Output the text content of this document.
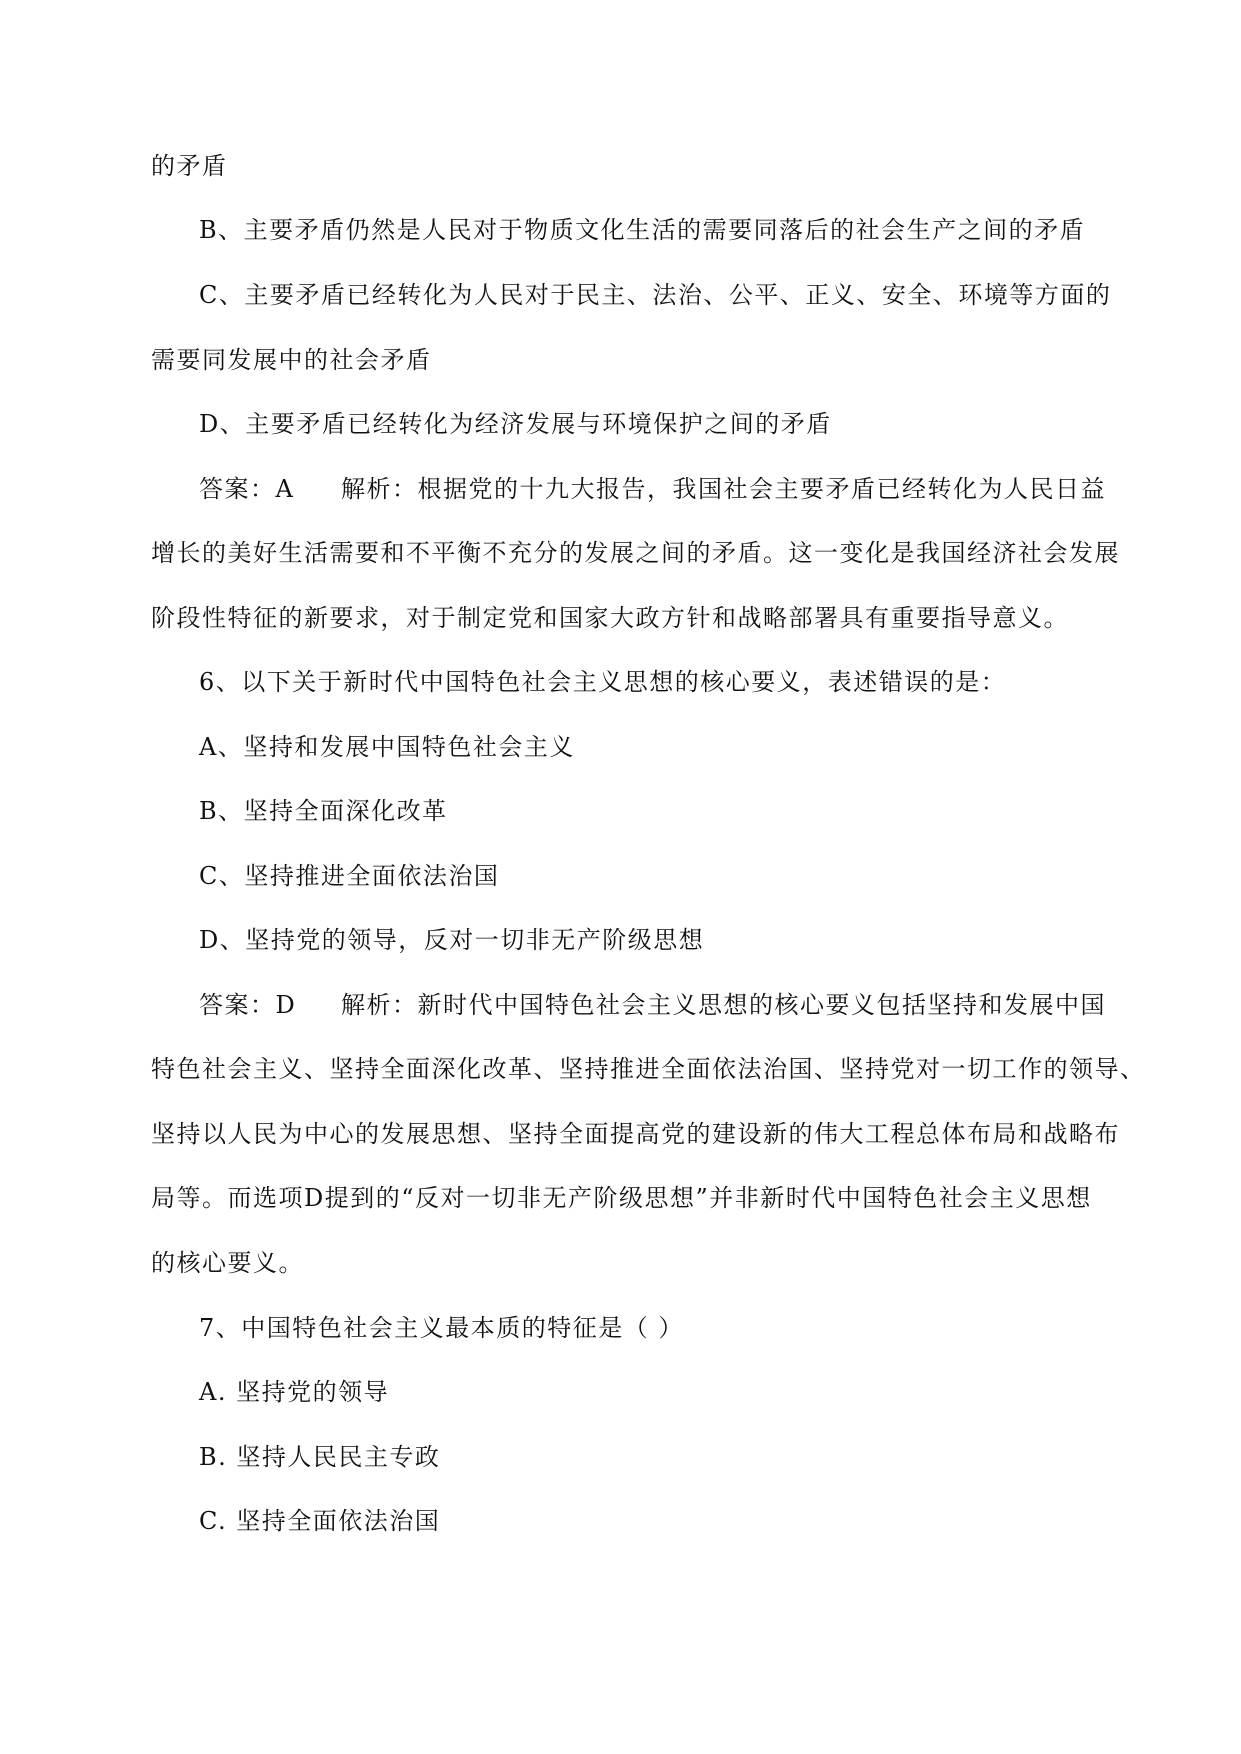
的矛盾
B、主要矛盾仍然是人民对于物质文化生活的需要同落后的社会生产之间的矛盾
C、主要矛盾已经转化为人民对于民主、法治、公平、正义、安全、环境等方面的
需要同发展中的社会矛盾
D、主要矛盾已经转化为经济发展与环境保护之间的矛盾
答案：A 解析：根据党的十九大报告，我国社会主要矛盾已经转化为人民日益
增长的美好生活需要和不平衡不充分的发展之间的矛盾。这一变化是我国经济社会发展
阶段性特征的新要求，对于制定党和国家大政方针和战略部署具有重要指导意义。
6、以下关于新时代中国特色社会主义思想的核心要义，表述错误的是：
A、坚持和发展中国特色社会主义
B、坚持全面深化改革
C、坚持推进全面依法治国
D、坚持党的领导，反对一切非无产阶级思想
答案：D 解析：新时代中国特色社会主义思想的核心要义包括坚持和发展中国
特色社会主义、坚持全面深化改革、坚持推进全面依法治国、坚持党对一切工作的领导、
坚持以人民为中心的发展思想、坚持全面提高党的建设新的伟大工程总体布局和战略布
局等。而选项D提到的“反对一切非无产阶级思想”并非新时代中国特色社会主义思想
的核心要义。
7、中国特色社会主义最本质的特征是（ ）
A. 坚持党的领导
B. 坚持人民民主专政
C. 坚持全面依法治国
